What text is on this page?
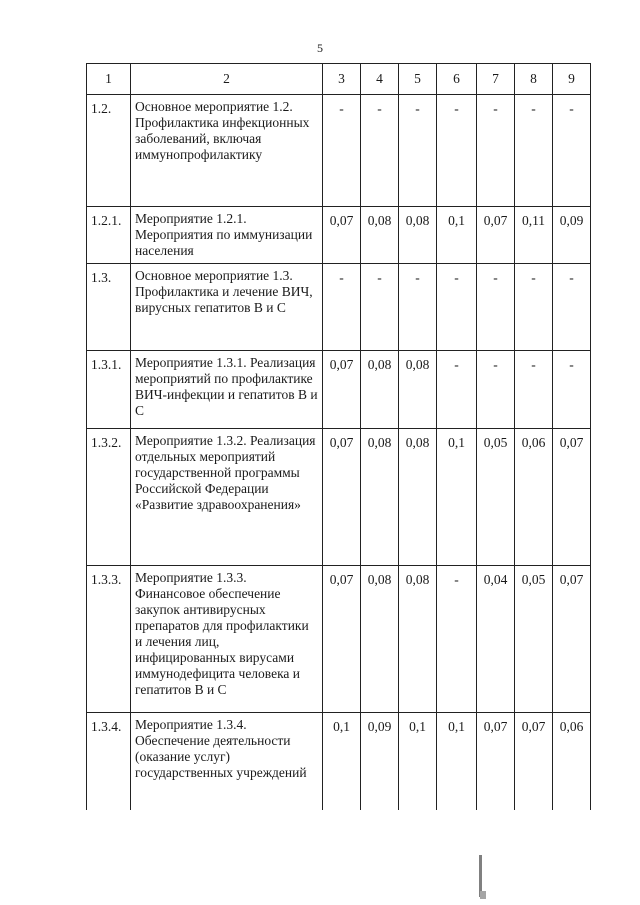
5
1	2	3	4	5	6	7	8	9
1.2.	Основное мероприятие 1.2. Профилактика инфекционных заболеваний, включая иммунопрофилактику	-	-	-	-	-	-	-
1.2.1.	Мероприятие 1.2.1. Мероприятия по иммунизации населения	0,07	0,08	0,08	0,1	0,07	0,11	0,09
1.3.	Основное мероприятие 1.3. Профилактика и лечение ВИЧ, вирусных гепатитов В и С	-	-	-	-	-	-	-
1.3.1.	Мероприятие 1.3.1. Реализация мероприятий по профилактике ВИЧ-инфекции и гепатитов В и С	0,07	0,08	0,08	-	-	-	-
1.3.2.	Мероприятие 1.3.2. Реализация отдельных мероприятий государственной программы Российской Федерации «Развитие здравоохранения»	0,07	0,08	0,08	0,1	0,05	0,06	0,07
1.3.3.	Мероприятие 1.3.3. Финансовое обеспечение закупок антивирусных препаратов для профилактики и лечения лиц, инфицированных вирусами иммунодефицита человека и гепатитов В и С	0,07	0,08	0,08	-	0,04	0,05	0,07
1.3.4.	Мероприятие 1.3.4. Обеспечение деятельности (оказание услуг) государственных учреждений	0,1	0,09	0,1	0,1	0,07	0,07	0,06
